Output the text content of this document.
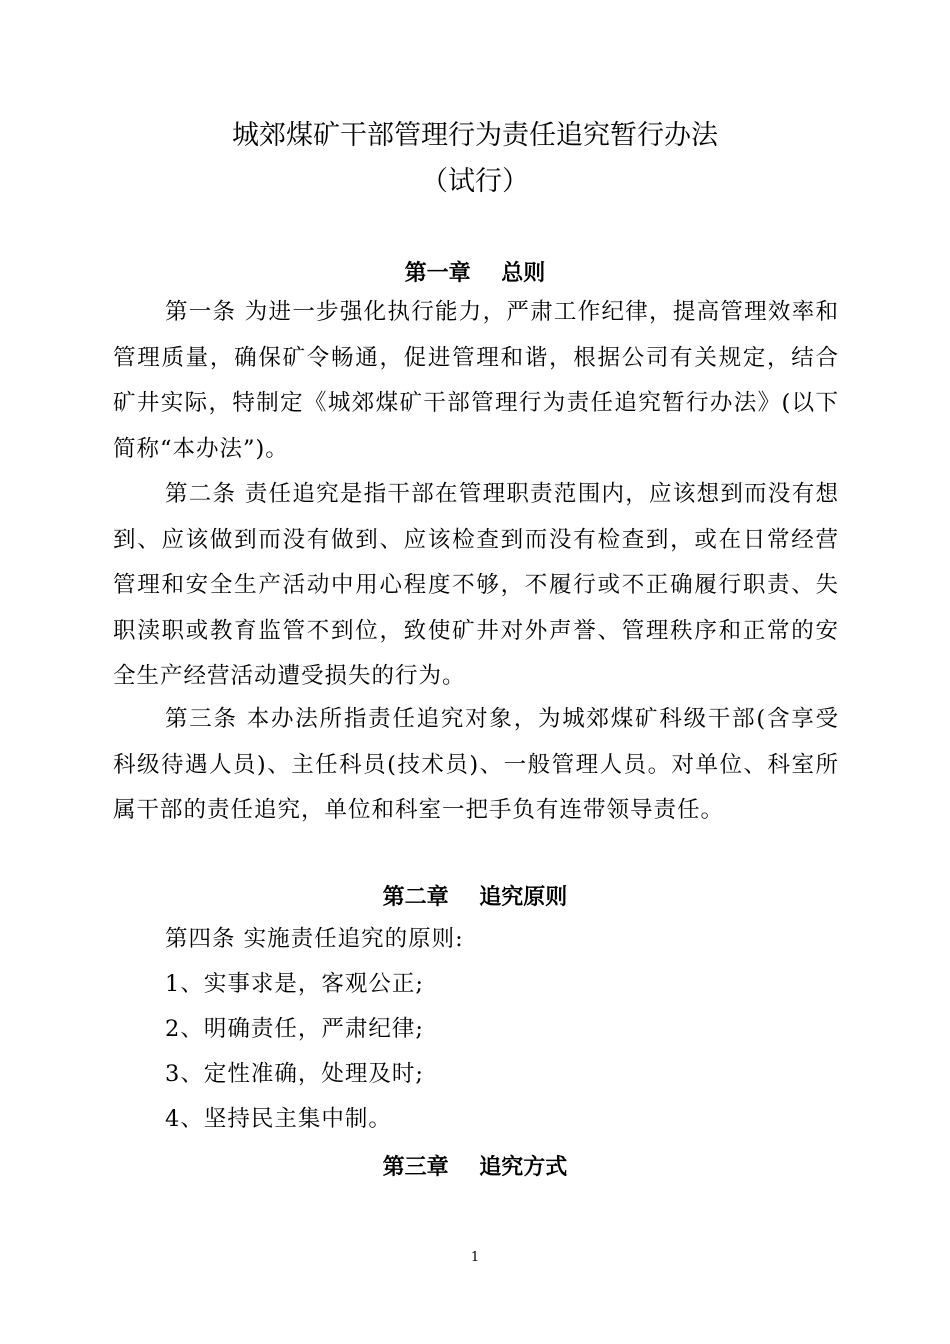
城郊煤矿干部管理行为责任追究暂行办法
（试行）
第一章    总则
第一条 为进一步强化执行能力，严肃工作纪律，提高管理效率和管理质量，确保矿令畅通，促进管理和谐，根据公司有关规定，结合矿井实际，特制定《城郊煤矿干部管理行为责任追究暂行办法》(以下简称“本办法”)。
第二条 责任追究是指干部在管理职责范围内，应该想到而没有想到、应该做到而没有做到、应该检查到而没有检查到，或在日常经营管理和安全生产活动中用心程度不够，不履行或不正确履行职责、失职渎职或教育监管不到位，致使矿井对外声誉、管理秩序和正常的安全生产经营活动遭受损失的行为。
第三条 本办法所指责任追究对象，为城郊煤矿科级干部(含享受科级待遇人员)、主任科员(技术员)、一般管理人员。对单位、科室所属干部的责任追究，单位和科室一把手负有连带领导责任。
第二章    追究原则
第四条 实施责任追究的原则:
1、实事求是，客观公正;
2、明确责任，严肃纪律;
3、定性准确，处理及时;
4、坚持民主集中制。
第三章    追究方式
1
